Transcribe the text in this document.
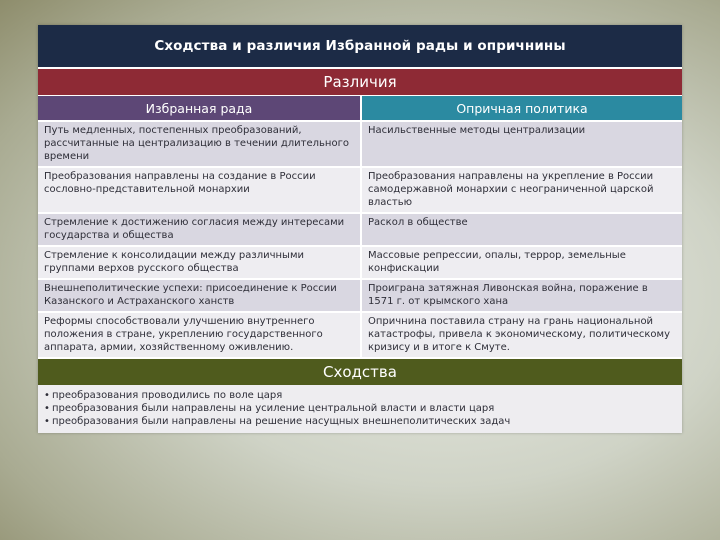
Сходства и различия Избранной рады и опричнины
Различия
Избранная рада	Опричная политика
Путь медленных, постепенных преобразований, рассчитанные на централизацию в течении длительного времени
Насильственные методы централизации
Преобразования направлены на создание в России сословно-представительной монархии
Преобразования направлены на укрепление в России самодержавной монархии с неограниченной царской властью
Стремление к достижению согласия между интересами государства и общества
Раскол в обществе
Стремление к консолидации между различными группами верхов русского общества
Массовые репрессии, опалы, террор, земельные конфискации
Внешнеполитические успехи: присоединение к России Казанского и Астраханского ханств
Проиграна затяжная Ливонская война, поражение в 1571 г. от крымского хана
Реформы способствовали улучшению внутреннего положения в стране, укреплению государственного аппарата, армии, хозяйственному оживлению.
Опричнина поставила страну на грань национальной катастрофы, привела к экономическому, политическому кризису и в итоге к Смуте.
Сходства
• преобразования проводились по воле царя
• преобразования были направлены на усиление центральной власти и власти царя
• преобразования были направлены на решение насущных внешнеполитических задач
